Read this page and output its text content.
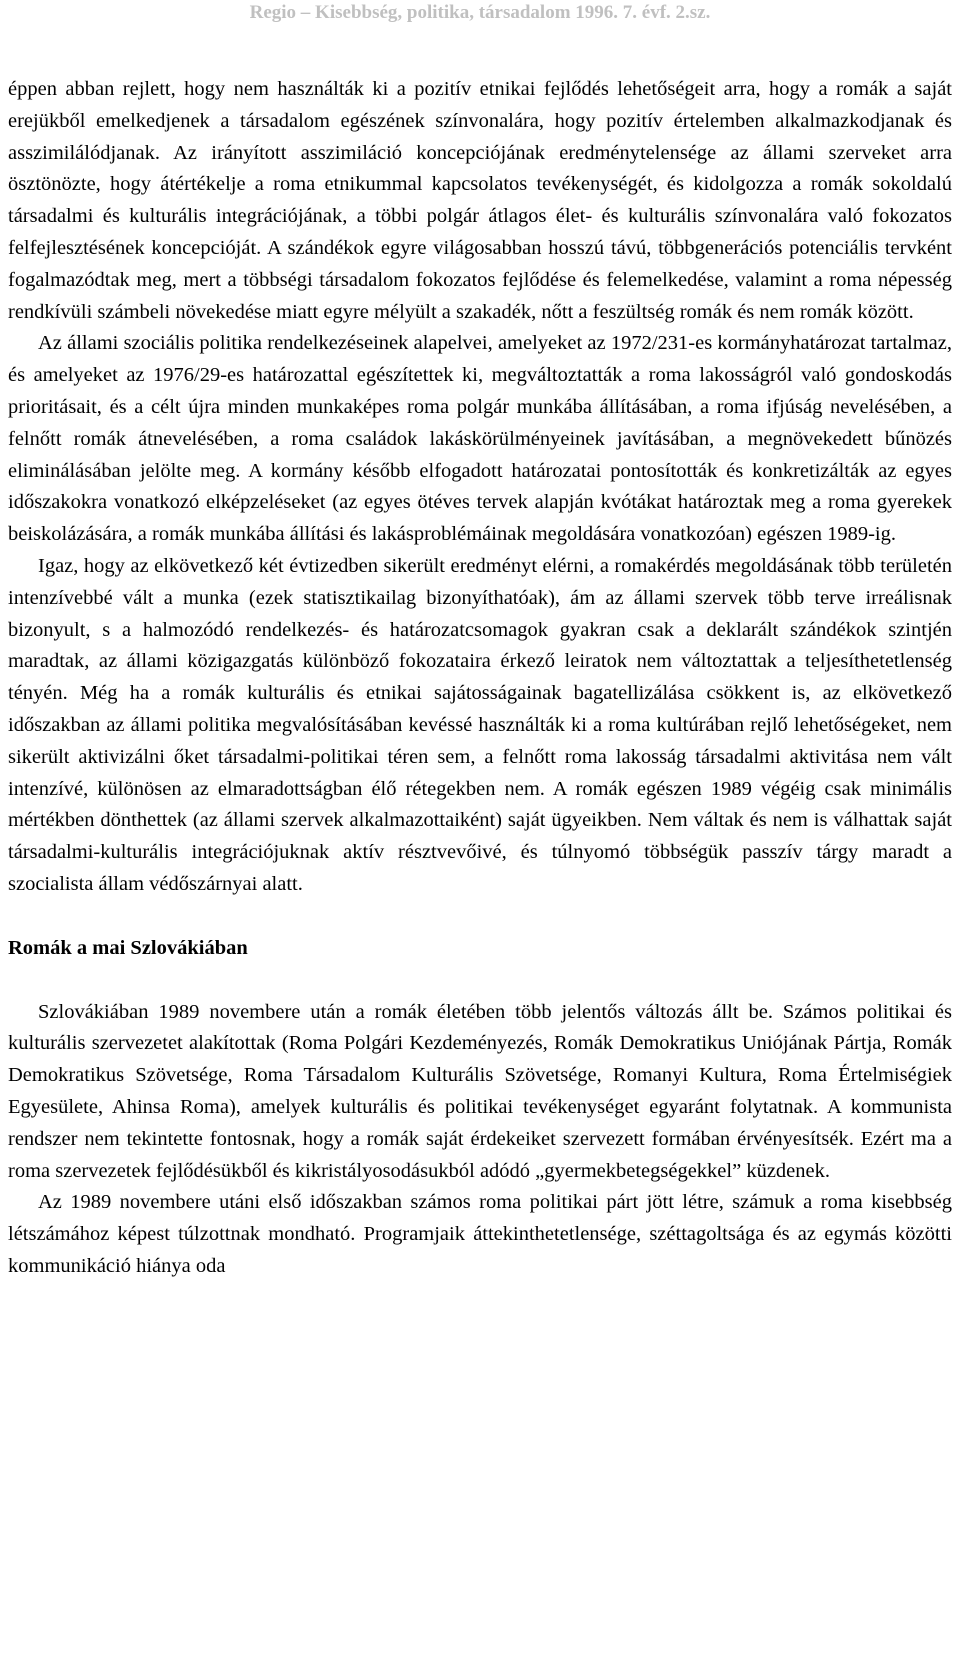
Regio – Kisebbség, politika, társadalom 1996. 7. évf. 2.sz.

éppen abban rejlett, hogy nem használták ki a pozitív etnikai fejlődés lehetőségeit arra, hogy a romák a saját erejükből emelkedjenek a társadalom egészének színvonalára, hogy pozitív értelemben alkalmazkodjanak és asszimilálódjanak. Az irányított asszimiláció koncepciójának eredménytelensége az állami szerveket arra ösztönözte, hogy átértékelje a roma etnikummal kapcsolatos tevékenységét, és kidolgozza a romák sokoldalú társadalmi és kulturális integrációjának, a többi polgár átlagos élet- és kulturális színvonalára való fokozatos felfejlesztésének koncepcióját. A szándékok egyre világosabban hosszú távú, többgenerációs potenciális tervként fogalmazódtak meg, mert a többségi társadalom fokozatos fejlődése és felemelkedése, valamint a roma népesség rendkívüli számbeli növekedése miatt egyre mélyült a szakadék, nőtt a feszültség romák és nem romák között.

Az állami szociális politika rendelkezéseinek alapelvei, amelyeket az 1972/231-es kormányhatározat tartalmaz, és amelyeket az 1976/29-es határozattal egészítettek ki, megváltoztatták a roma lakosságról való gondoskodás prioritásait, és a célt újra minden munkaképes roma polgár munkába állításában, a roma ifjúság nevelésében, a felnőtt romák átnevelésében, a roma családok lakáskörülményeinek javításában, a megnövekedett bűnözés eliminálásában jelölte meg. A kormány később elfogadott határozatai pontosították és konkretizálták az egyes időszakokra vonatkozó elképzeléseket (az egyes ötéves tervek alapján kvótákat határoztak meg a roma gyerekek beiskolázására, a romák munkába állítási és lakásproblémáinak megoldására vonatkozóan) egészen 1989-ig.

Igaz, hogy az elkövetkező két évtizedben sikerült eredményt elérni, a romakérdés megoldásának több területén intenzívebbé vált a munka (ezek statisztikailag bizonyíthatóak), ám az állami szervek több terve irreálisnak bizonyult, s a halmozódó rendelkezés- és határozatcsomagok gyakran csak a deklarált szándékok szintjén maradtak, az állami közigazgatás különböző fokozataira érkező leiratok nem változtattak a teljesíthetetlenség tényén. Még ha a romák kulturális és etnikai sajátosságainak bagatellizálása csökkent is, az elkövetkező időszakban az állami politika megvalósításában kevéssé használták ki a roma kultúrában rejlő lehetőségeket, nem sikerült aktivizálni őket társadalmi-politikai téren sem, a felnőtt roma lakosság társadalmi aktivitása nem vált intenzívé, különösen az elmaradottságban élő rétegekben nem. A romák egészen 1989 végéig csak minimális mértékben dönthettek (az állami szervek alkalmazottaiként) saját ügyeikben. Nem váltak és nem is válhattak saját társadalmi-kulturális integrációjuknak aktív résztvevőivé, és túlnyomó többségük passzív tárgy maradt a szocialista állam védőszárnyai alatt.

Romák a mai Szlovákiában

Szlovákiában 1989 novembere után a romák életében több jelentős változás állt be. Számos politikai és kulturális szervezetet alakítottak (Roma Polgári Kezdeményezés, Romák Demokratikus Uniójának Pártja, Romák Demokratikus Szövetsége, Roma Társadalom Kulturális Szövetsége, Romanyi Kultura, Roma Értelmiségiek Egyesülete, Ahinsa Roma), amelyek kulturális és politikai tevékenységet egyaránt folytatnak. A kommunista rendszer nem tekintette fontosnak, hogy a romák saját érdekeiket szervezett formában érvényesítsék. Ezért ma a roma szervezetek fejlődésükből és kikristályosodásukból adódó „gyermekbetegségekkel” küzdenek.

Az 1989 novembere utáni első időszakban számos roma politikai párt jött létre, számuk a roma kisebbség létszámához képest túlzottnak mondható. Programjaik áttekinthetetlensége, széttagoltsága és az egymás közötti kommunikáció hiánya oda
